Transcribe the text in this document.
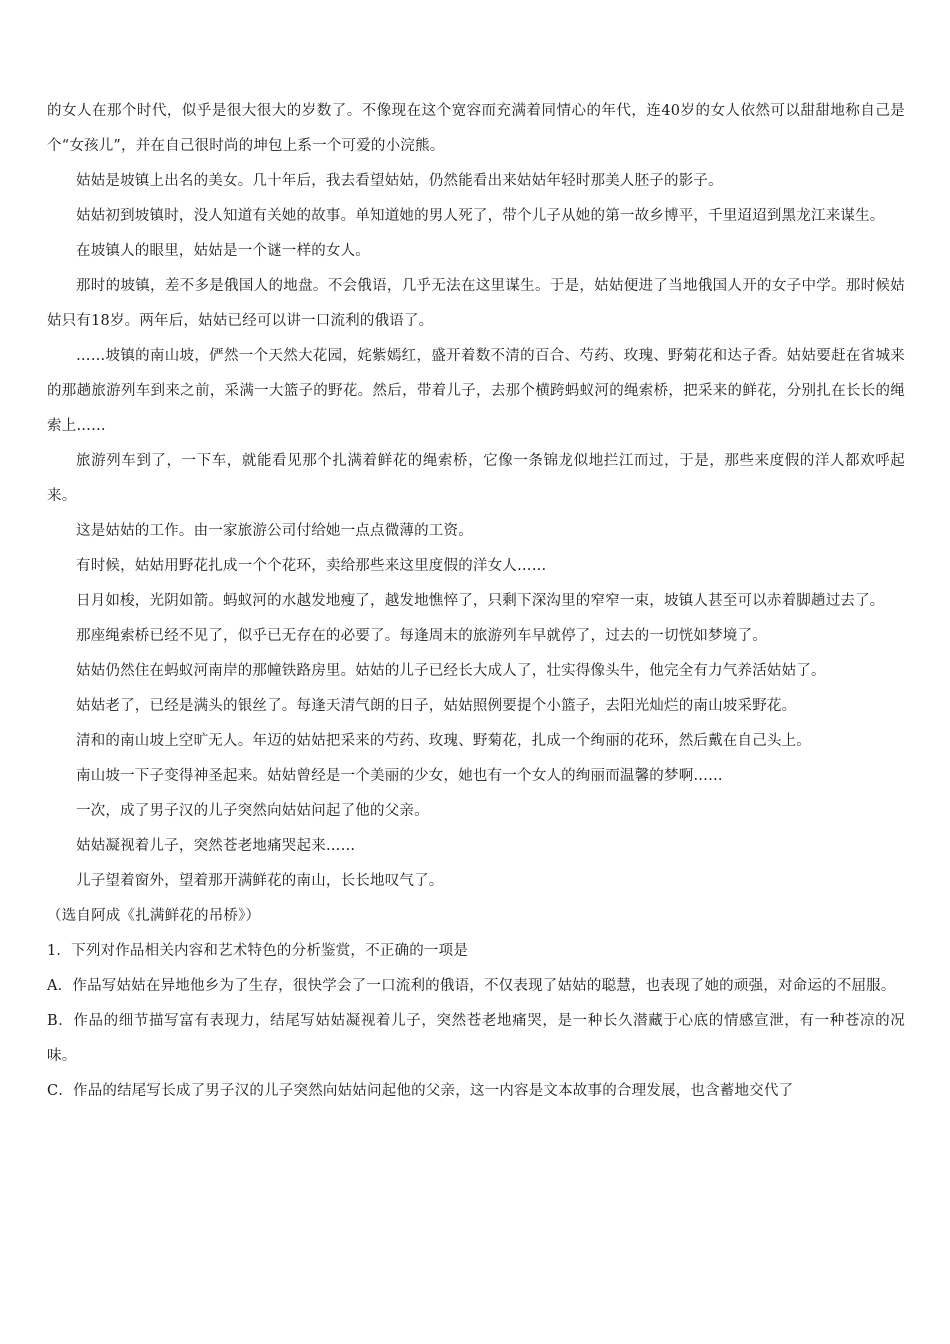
的女人在那个时代，似乎是很大很大的岁数了。不像现在这个宽容而充满着同情心的年代，连40岁的女人依然可以甜甜地称自己是个“女孩儿”，并在自己很时尚的坤包上系一个可爱的小浣熊。

姑姑是坡镇上出名的美女。几十年后，我去看望姑姑，仍然能看出来姑姑年轻时那美人胚子的影子。

姑姑初到坡镇时，没人知道有关她的故事。单知道她的男人死了，带个儿子从她的第一故乡博平，千里迢迢到黑龙江来谋生。

在坡镇人的眼里，姑姑是一个谜一样的女人。

那时的坡镇，差不多是俄国人的地盘。不会俄语，几乎无法在这里谋生。于是，姑姑便进了当地俄国人开的女子中学。那时候姑姑只有18岁。两年后，姑姑已经可以讲一口流利的俄语了。

……坡镇的南山坡，俨然一个天然大花园，姹紫嫣红，盛开着数不清的百合、芍药、玫瑰、野菊花和达子香。姑姑要赶在省城来的那趟旅游列车到来之前，采满一大篮子的野花。然后，带着儿子，去那个横跨蚂蚁河的绳索桥，把采来的鲜花，分别扎在长长的绳索上……

旅游列车到了，一下车，就能看见那个扎满着鲜花的绳索桥，它像一条锦龙似地拦江而过，于是，那些来度假的洋人都欢呼起来。

这是姑姑的工作。由一家旅游公司付给她一点点微薄的工资。

有时候，姑姑用野花扎成一个个花环，卖给那些来这里度假的洋女人……

日月如梭，光阴如箭。蚂蚁河的水越发地瘦了，越发地憔悴了，只剩下深沟里的窄窄一束，坡镇人甚至可以赤着脚趟过去了。

那座绳索桥已经不见了，似乎已无存在的必要了。每逢周末的旅游列车早就停了，过去的一切恍如梦境了。

姑姑仍然住在蚂蚁河南岸的那幢铁路房里。姑姑的儿子已经长大成人了，壮实得像头牛，他完全有力气养活姑姑了。

姑姑老了，已经是满头的银丝了。每逢天清气朗的日子，姑姑照例要提个小篮子，去阳光灿烂的南山坡采野花。

清和的南山坡上空旷无人。年迈的姑姑把采来的芍药、玫瑰、野菊花，扎成一个绚丽的花环，然后戴在自己头上。

南山坡一下子变得神圣起来。姑姑曾经是一个美丽的少女，她也有一个女人的绚丽而温馨的梦啊……

一次，成了男子汉的儿子突然向姑姑问起了他的父亲。

姑姑凝视着儿子，突然苍老地痛哭起来……

儿子望着窗外，望着那开满鲜花的南山，长长地叹气了。

（选自阿成《扎满鲜花的吊桥》）

1．下列对作品相关内容和艺术特色的分析鉴赏，不正确的一项是

A．作品写姑姑在异地他乡为了生存，很快学会了一口流利的俄语，不仅表现了姑姑的聪慧，也表现了她的顽强，对命运的不屈服。

B．作品的细节描写富有表现力，结尾写姑姑凝视着儿子，突然苍老地痛哭，是一种长久潜藏于心底的情感宣泄，有一种苍凉的况味。

C．作品的结尾写长成了男子汉的儿子突然向姑姑问起他的父亲，这一内容是文本故事的合理发展，也含蓄地交代了
